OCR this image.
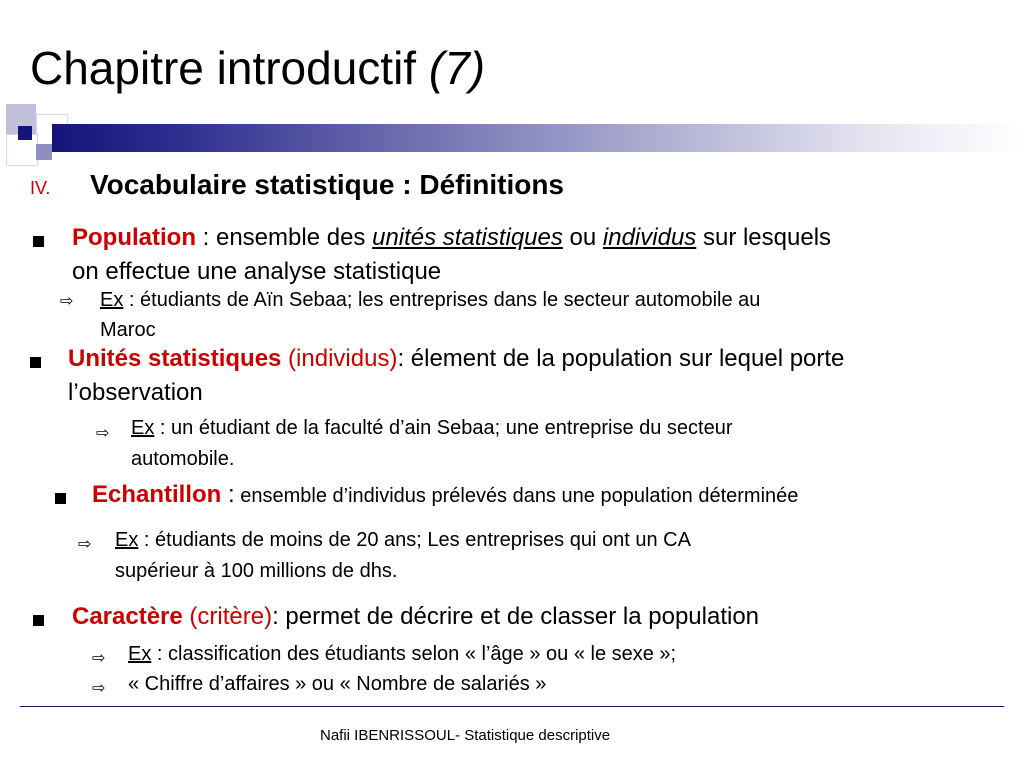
Chapitre introductif (7)
IV. Vocabulaire statistique : Définitions
Population : ensemble des unités statistiques ou individus sur lesquels
on effectue une analyse statistique
⇨ Ex : étudiants de Aïn Sebaa; les entreprises dans le secteur automobile au
Maroc
Unités statistiques (individus): élement de la population sur lequel porte
l’observation
⇨ Ex : un étudiant de la faculté d’ain Sebaa; une entreprise du secteur
automobile.
Echantillon : ensemble d’individus prélevés dans une population déterminée
⇨ Ex : étudiants de moins de 20 ans; Les entreprises qui ont un CA
supérieur à 100 millions de dhs.
Caractère (critère): permet de décrire et de classer la population
⇨ Ex : classification des étudiants selon « l’âge » ou « le sexe »;
⇨ « Chiffre d’affaires » ou « Nombre de salariés »
Nafii IBENRISSOUL- Statistique descriptive
